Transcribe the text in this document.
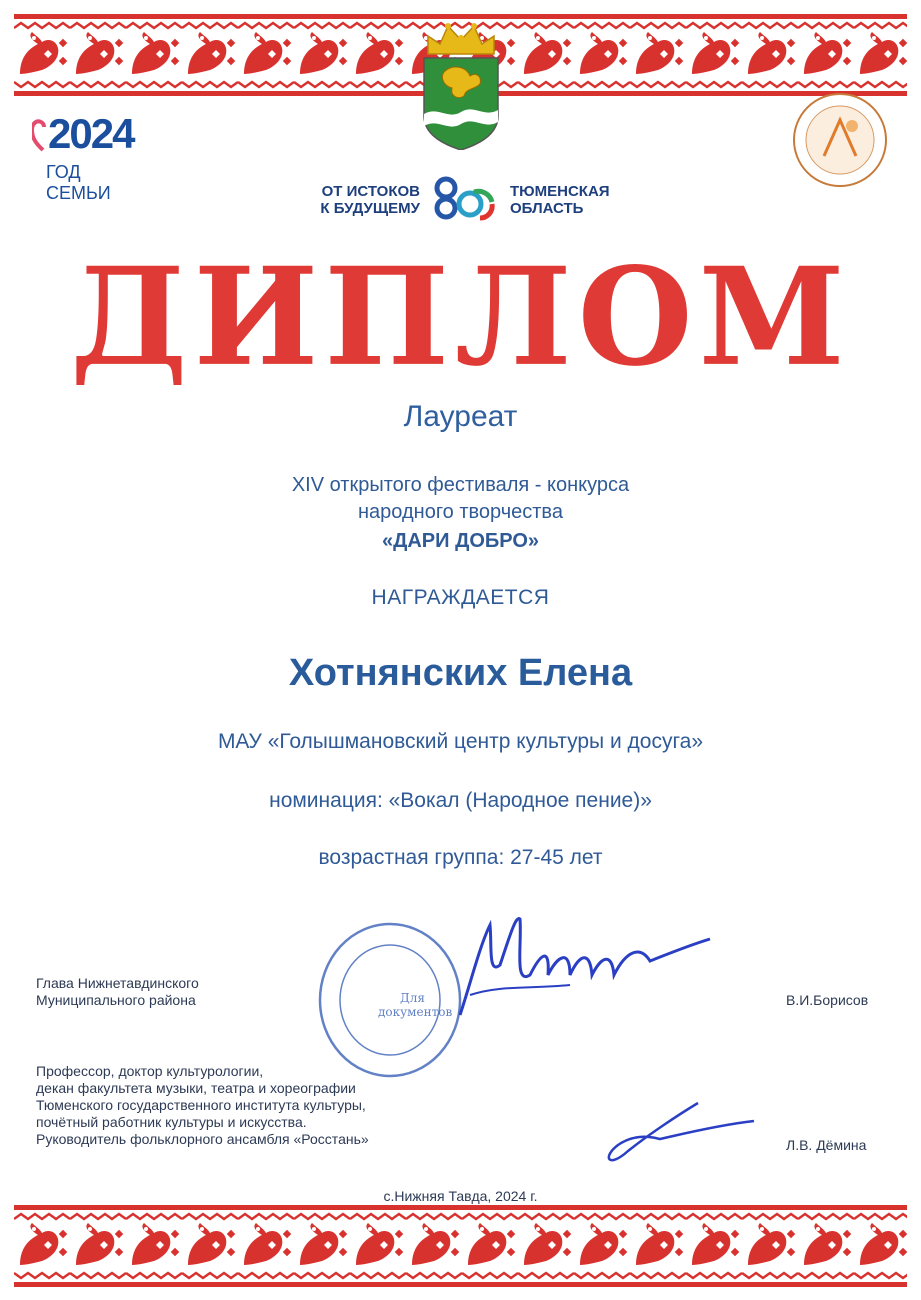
2024
ГОД СЕМЬИ	ОТ ИСТОКОВ
К БУДУЩЕМУ
ТЮМЕНСКАЯ
ОБЛАСТЬ
ДИПЛОМ
Лауреат
XIV открытого фестиваля - конкурса
народного творчества
«ДАРИ ДОБРО»
НАГРАЖДАЕТСЯ
Хотнянских Елена
МАУ «Голышмановский центр культуры и досуга»
номинация: «Вокал (Народное пение)»
возрастная группа: 27-45 лет
Для
документов
Глава Нижнетавдинского
Муниципального района	В.И.Борисов
Профессор, доктор культурологии,
декан факультета музыки, театра и хореографии
Тюменского государственного института культуры,
почётный работник культуры и искусства.
Руководитель фольклорного ансамбля «Росстань»	Л.В. Дёмина
с.Нижняя Тавда, 2024 г.
